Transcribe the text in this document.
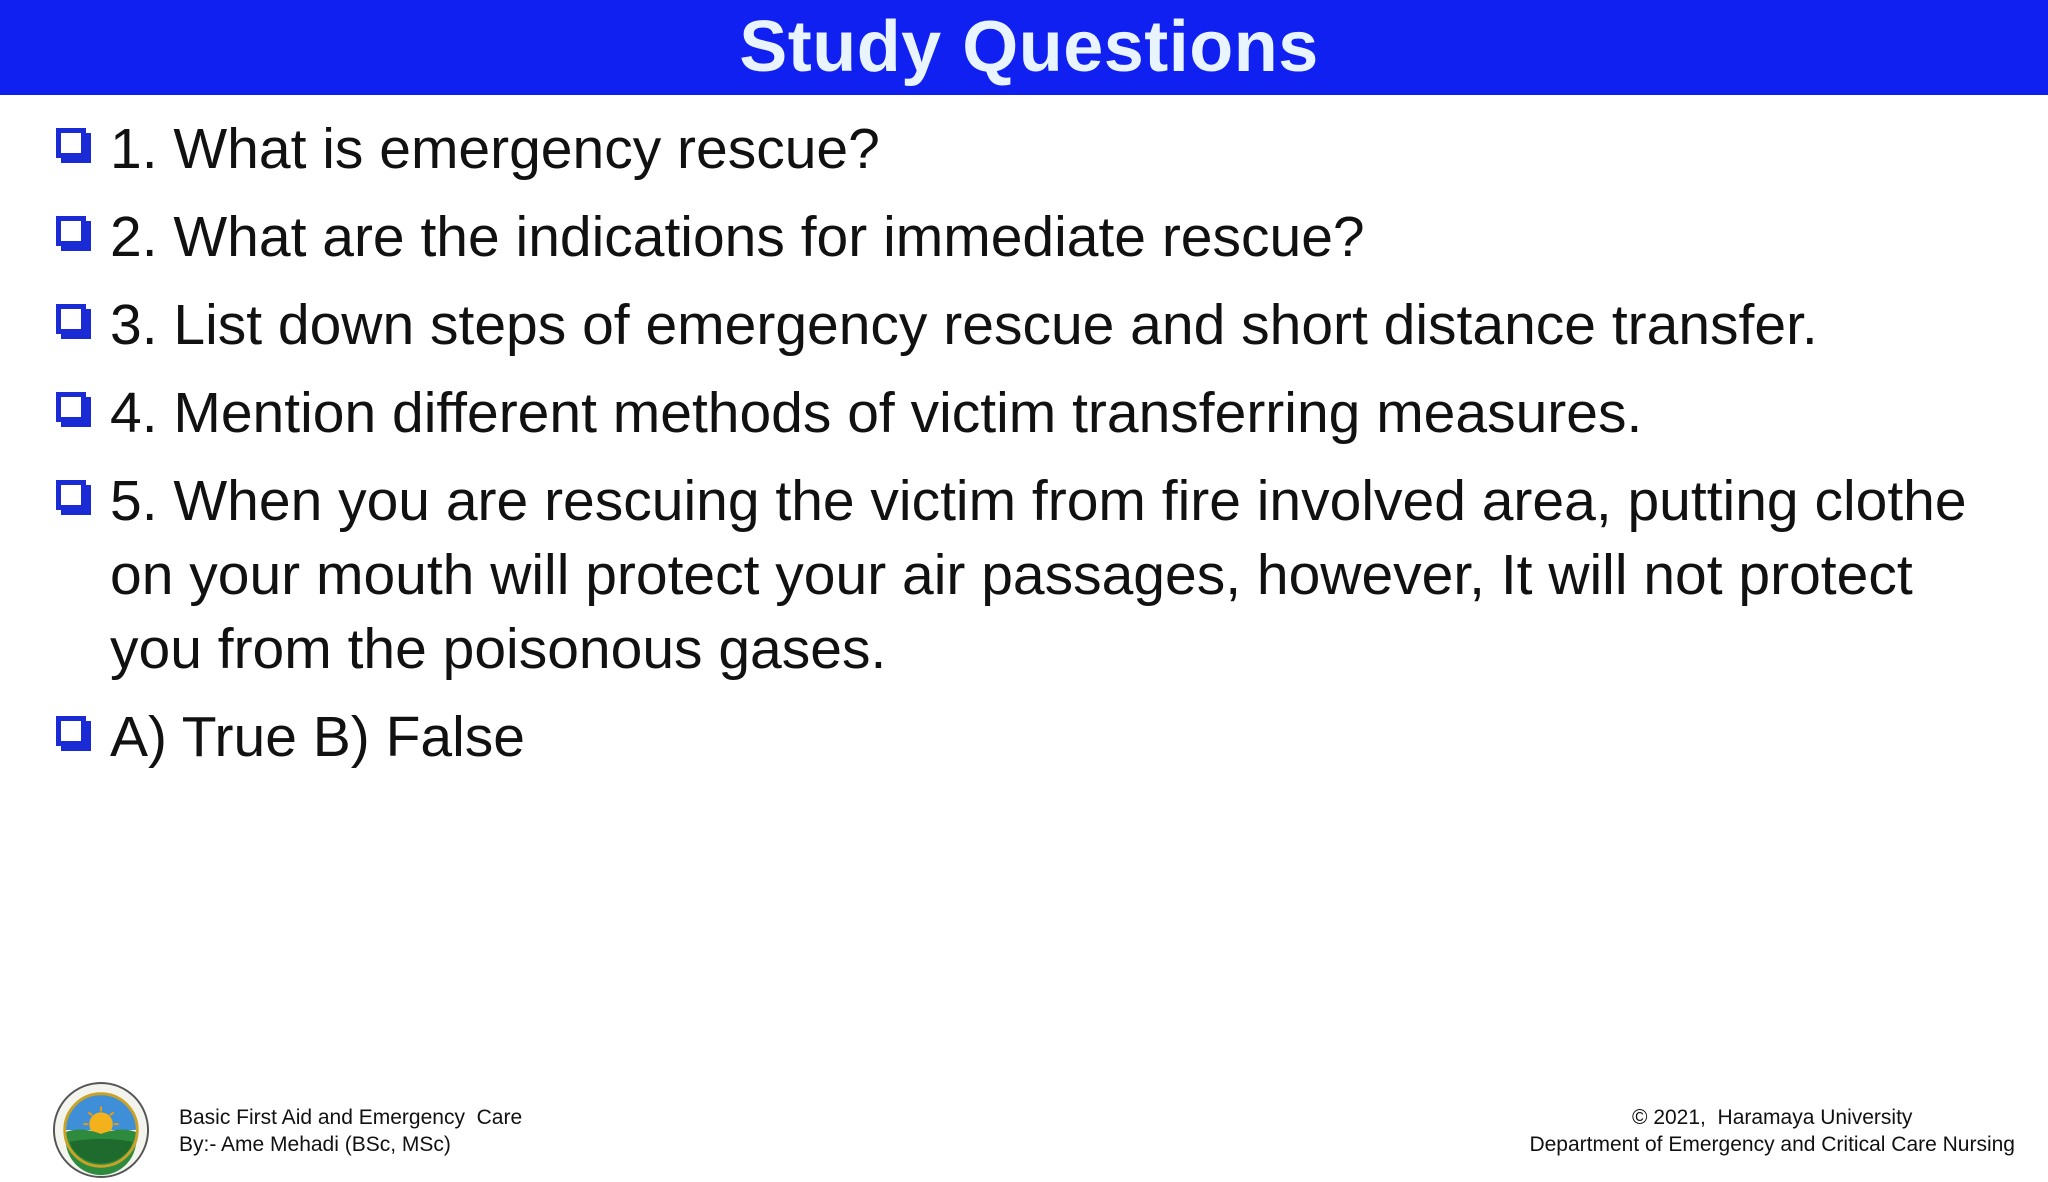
Study Questions
1. What is emergency rescue?
2. What are the indications for immediate rescue?
3. List down steps of emergency rescue and short distance transfer.
4. Mention different methods of victim transferring measures.
5. When you are rescuing the victim from fire involved area, putting clothe on your mouth will protect your air passages, however, It will not protect you from the poisonous gases.
A) True B) False
Basic First Aid and Emergency  Care
By:- Ame Mehadi (BSc, MSc)
© 2021,  Haramaya University
Department of Emergency and Critical Care Nursing
